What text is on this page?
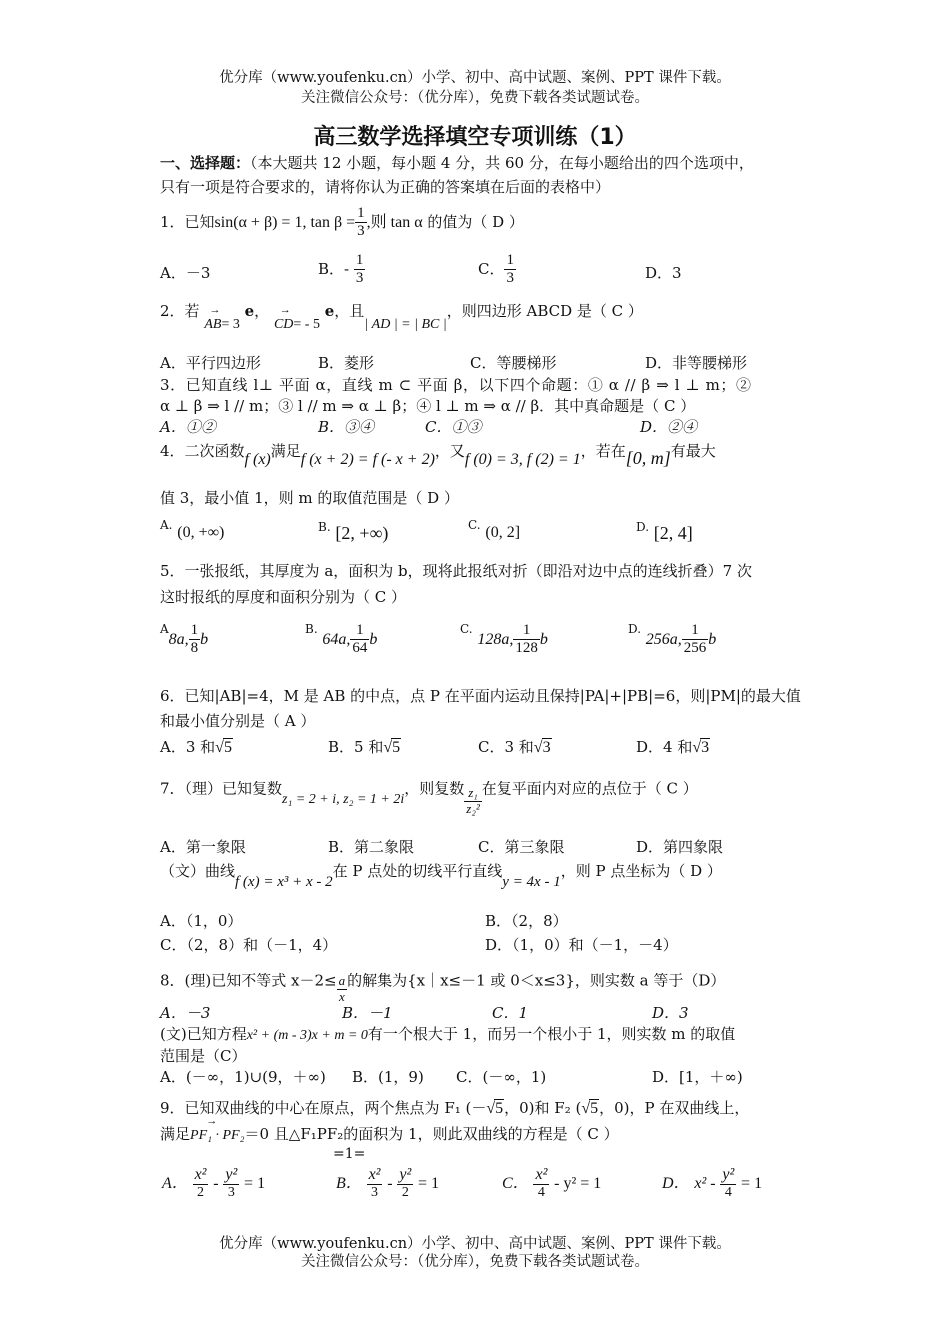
优分库（www.youfenku.cn）小学、初中、高中试题、案例、PPT 课件下载。
关注微信公众号：（优分库），免费下载各类试题试卷。
高三数学选择填空专项训练（1）
一、选择题：（本大题共 12 小题，每小题 4 分，共 60 分，在每小题给出的四个选项中，
只有一项是符合要求的，请将你认为正确的答案填在后面的表格中）
1．已知sin(α + β) = 1, $\tan \beta = \frac{1}{3}$ ,则 tan α 的值为（ D ）
A．－3	B．- $\frac{1}{3}$	C． $\frac{1}{3}$	D．3
2．若 → AB= 3 e， → CD= - 5 e，且| AD | = | BC |，则四边形 ABCD 是（ C ）
A．平行四边形	B．菱形	C．等腰梯形	D．非等腰梯形
3．已知直线 l⊥ 平面 α，直线 m ⊂ 平面 β，以下四个命题：① α // β ⇒ l ⊥ m；②
α ⊥ β ⇒ l // m；③ l // m ⇒ α ⊥ β；④ l ⊥ m ⇒ α // β．其中真命题是（ C ）
A．①②	B．③④	C．①③	D．②④
4．二次函数f (x)满足f (x + 2) = f (- x + 2)，又f (0) = 3, f (2) = 1，若在[0, m]有最大
值 3，最小值 1，则 m 的取值范围是（ D ）
A. (0, +∞)	B. [2, +∞)	C. (0, 2]	D. [2, 4]
5．一张报纸，其厚度为 a，面积为 b，现将此报纸对折（即沿对边中点的连线折叠）7 次
这时报纸的厚度和面积分别为（ C ）
$^A$8a, $\frac{1}{8}$ b
$^{B.}$ 64a, $\frac{1}{64}$ b
$^{C.}$ 128a, $\frac{1}{128}$ b
$^{D.}$ 256a, $\frac{1}{256}$ b
6．已知|AB|=4，M 是 AB 的中点，点 P 在平面内运动且保持|PA|+|PB|=6，则|PM|的最大值
和最小值分别是（ A ）
A．3 和√5	B．5 和√5	C．3 和√3	D．4 和√3
7．（理）已知复数z₁ = 2 + i, z₂ = 1 + 2i，则复数 $\frac{\text{z₁}}{\text{z₂²}}$ 在复平面内对应的点位于（ C ）
A．第一象限	B．第二象限	C．第三象限	D．第四象限
（文）曲线f (x) = x³ + x - 2在 P 点处的切线平行直线y = 4x - 1，则 P 点坐标为（ D ）
A．（1，0）	B．（2，8）
C．（2，8）和（－1，4）	D．（1，0）和（－1，－4）
8．(理)已知不等式 $x-2\le \frac{a}{x}$ 的解集为{x｜x≤－1 或 0＜x≤3}，则实数 a 等于（D）
A．－3	B．－1	C．1	D．3
(文)已知方程x² + (m - 3)x + m = 0有一个根大于 1，而另一个根小于 1，则实数 m 的取值
范围是（C）
A．(－∞，1)∪(9，＋∞) B．(1，9) C．(－∞，1)	D．[1，＋∞)
9．已知双曲线的中心在原点，两个焦点为 F₁ (－√5，0)和 F₂ (√5，0)，P 在双曲线上，
满足→ PF₁ · PF₂＝0 且△F₁PF₂的面积为 1，则此双曲线的方程是（ C ）
=1=
A． $\frac{\text{x²}}{2} - \frac{\text{y²}}{3} = 1$	B． $\frac{\text{x²}}{3} - \frac{\text{y²}}{2} = 1$	C． $\frac{\text{x²}}{4} - y^2 = 1$	D． $x^2 - \frac{\text{y²}}{4} = 1$
优分库（www.youfenku.cn）小学、初中、高中试题、案例、PPT 课件下载。
关注微信公众号：（优分库），免费下载各类试题试卷。
